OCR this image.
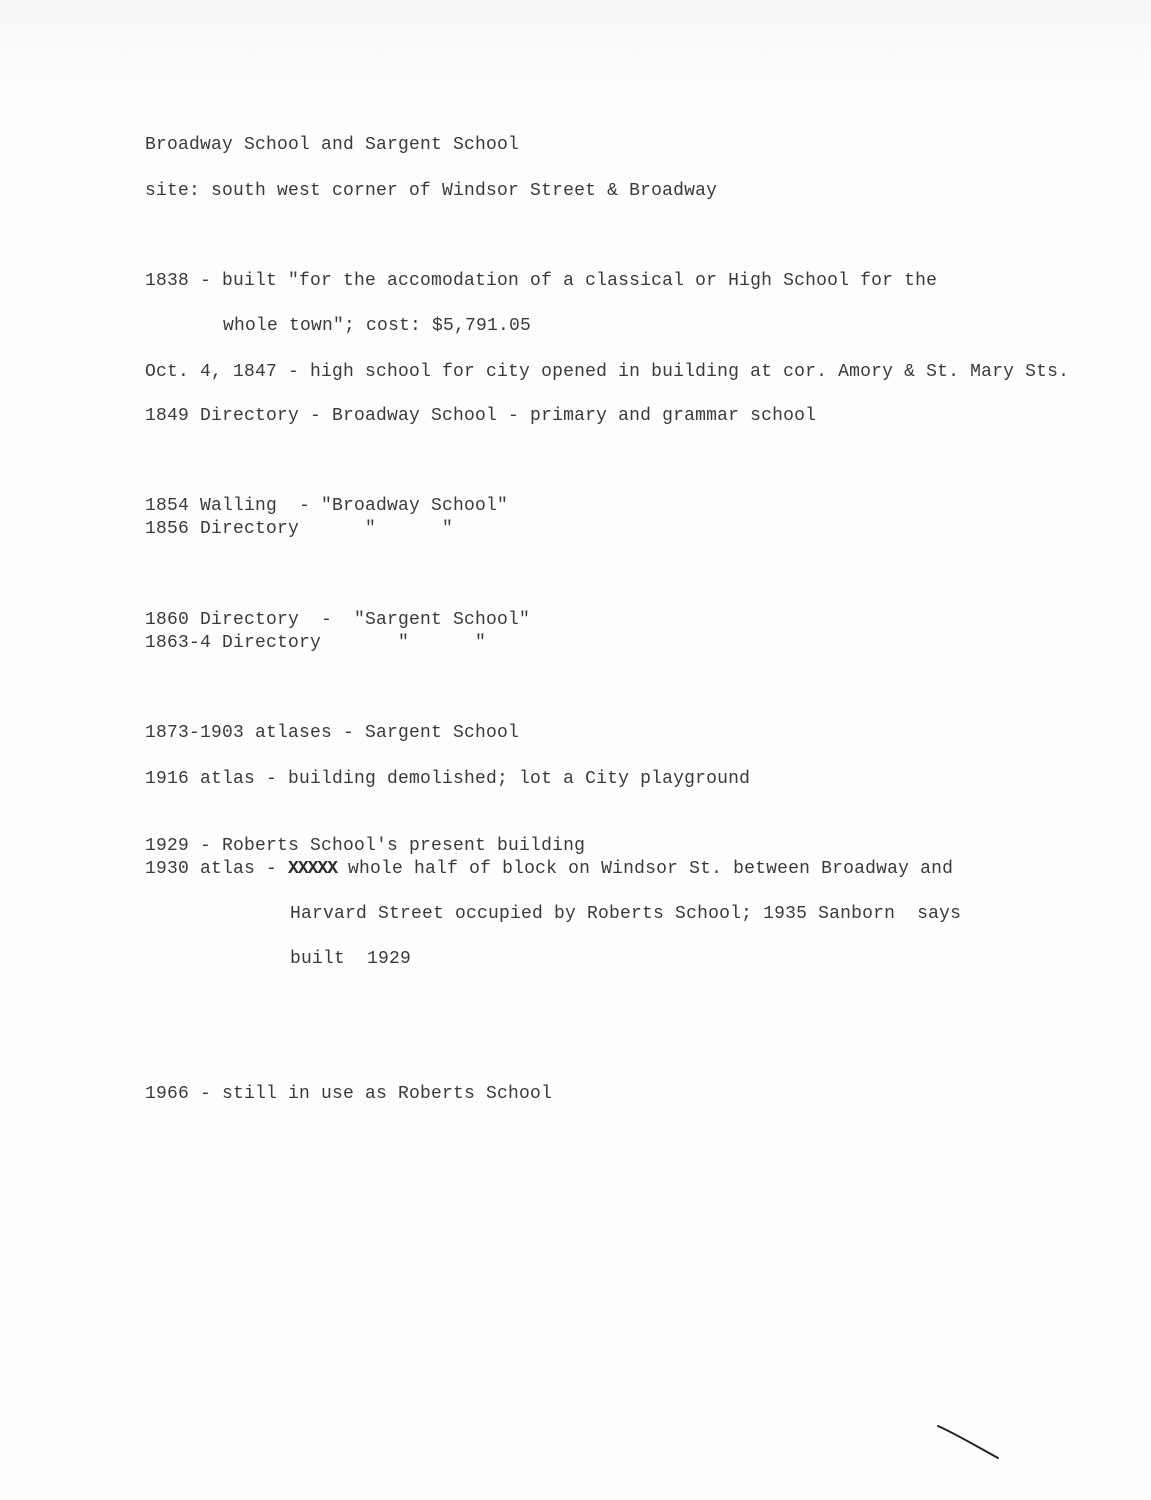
Broadway School and Sargent School
site: south west corner of Windsor Street & Broadway
1838 - built "for the accomodation of a classical or High School for the
whole town"; cost: $5,791.05
Oct. 4, 1847 - high school for city opened in building at cor. Amory & St. Mary Sts.
1849 Directory - Broadway School - primary and grammar school
1854 Walling  - "Broadway School"
1856 Directory      "      "
1860 Directory  -  "Sargent School"
1863-4 Directory       "      "
1873-1903 atlases - Sargent School
1916 atlas - building demolished; lot a City playground
1929 - Roberts School's present building
1930 atlas - XXXXX whole half of block on Windsor St. between Broadway and
Harvard Street occupied by Roberts School; 1935 Sanborn  says
built  1929
1966 - still in use as Roberts School
